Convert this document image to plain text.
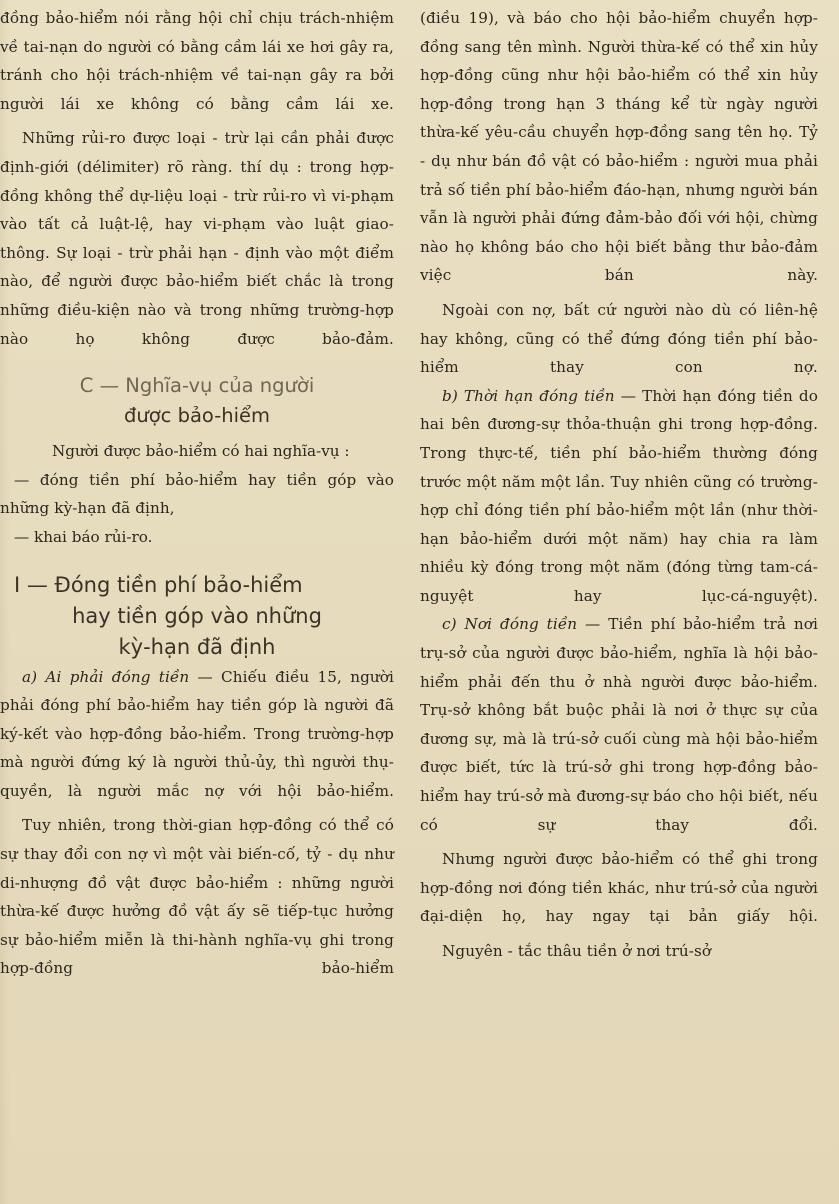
đồng bảo-hiểm nói rằng hội chỉ chịu trách-nhiệm về tai-nạn do người có bằng cầm lái xe hơi gây ra, tránh cho hội trách-nhiệm về tai-nạn gây ra bởi người lái xe không có bằng cầm lái xe.

Những rủi-ro được loại - trừ lại cần phải được định-giới (délimiter) rõ ràng. thí dụ : trong hợp-đồng không thể dự-liệu loại - trừ rủi-ro vì vi-phạm vào tất cả luật-lệ, hay vi-phạm vào luật giao-thông. Sự loại - trừ phải hạn - định vào một điểm nào, để người được bảo-hiểm biết chắc là trong những điều-kiện nào và trong những trường-hợp nào họ không được bảo-đảm.

C — Nghĩa-vụ của người
được bảo-hiểm

Người được bảo-hiểm có hai nghĩa-vụ :

— đóng tiền phí bảo-hiểm hay tiền góp vào những kỳ-hạn đã định,

— khai báo rủi-ro.

I — Đóng tiền phí bảo-hiểm
hay tiền góp vào những
kỳ-hạn đã định

a) Ai phải đóng tiền — Chiếu điều 15, người phải đóng phí bảo-hiểm hay tiền góp là người đã ký-kết vào hợp-đồng bảo-hiểm. Trong trường-hợp mà người đứng ký là người thủ-ủy, thì người thụ-quyền, là người mắc nợ với hội bảo-hiểm.

Tuy nhiên, trong thời-gian hợp-đồng có thể có sự thay đổi con nợ vì một vài biến-cố, tỷ - dụ như di-nhượng đồ vật được bảo-hiểm : những người thừa-kế được hưởng đồ vật ấy sẽ tiếp-tục hưởng sự bảo-hiểm miễn là thi-hành nghĩa-vụ ghi trong hợp-đồng bảo-hiểm

(điều 19), và báo cho hội bảo-hiểm chuyển hợp-đồng sang tên mình. Người thừa-kế có thể xin hủy hợp-đồng cũng như hội bảo-hiểm có thể xin hủy hợp-đồng trong hạn 3 tháng kể từ ngày người thừa-kế yêu-cầu chuyển hợp-đồng sang tên họ. Tỷ - dụ như bán đồ vật có bảo-hiểm : người mua phải trả số tiền phí bảo-hiểm đáo-hạn, nhưng người bán vẫn là người phải đứng đảm-bảo đối với hội, chừng nào họ không báo cho hội biết bằng thư bảo-đảm việc bán này.

Ngoài con nợ, bất cứ người nào dù có liên-hệ hay không, cũng có thể đứng đóng tiền phí bảo-hiểm thay con nợ.

b) Thời hạn đóng tiền — Thời hạn đóng tiền do hai bên đương-sự thỏa-thuận ghi trong hợp-đồng. Trong thực-tế, tiền phí bảo-hiểm thường đóng trước một năm một lần. Tuy nhiên cũng có trường-hợp chỉ đóng tiền phí bảo-hiểm một lần (như thời-hạn bảo-hiểm dưới một năm) hay chia ra làm nhiều kỳ đóng trong một năm (đóng từng tam-cá-nguyệt hay lục-cá-nguyệt).

c) Nơi đóng tiền — Tiền phí bảo-hiểm trả nơi trụ-sở của người được bảo-hiểm, nghĩa là hội bảo-hiểm phải đến thu ở nhà người được bảo-hiểm. Trụ-sở không bắt buộc phải là nơi ở thực sự của đương sự, mà là trú-sở cuối cùng mà hội bảo-hiểm được biết, tức là trú-sở ghi trong hợp-đồng bảo-hiểm hay trú-sở mà đương-sự báo cho hội biết, nếu có sự thay đổi.

Nhưng người được bảo-hiểm có thể ghi trong hợp-đồng nơi đóng tiền khác, như trú-sở của người đại-diện họ, hay ngay tại bản giấy hội.

Nguyên - tắc thâu tiền ở nơi trú-sở
